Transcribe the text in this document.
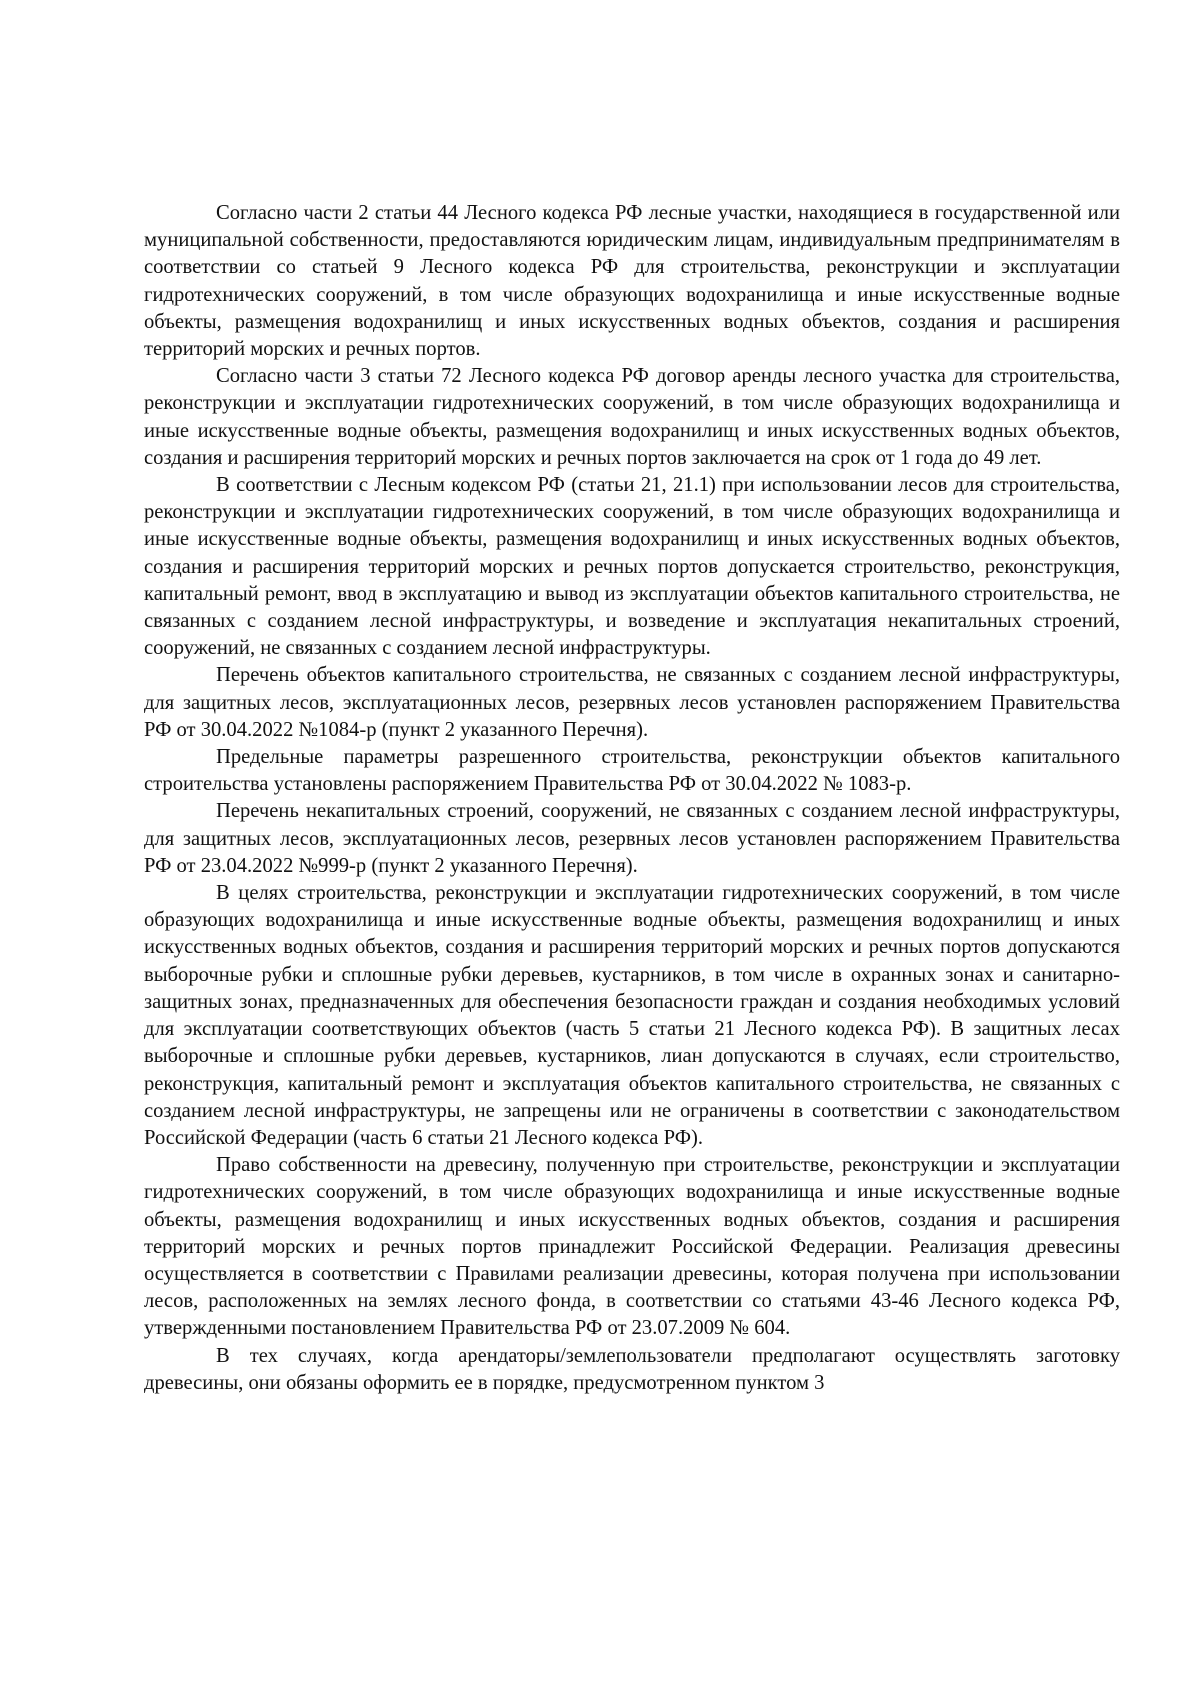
Согласно части 2 статьи 44 Лесного кодекса РФ лесные участки, находящиеся в государственной или муниципальной собственности, предоставляются юридическим лицам, индивидуальным предпринимателям в соответствии со статьей 9 Лесного кодекса РФ для строительства, реконструкции и эксплуатации гидротехнических сооружений, в том числе образующих водохранилища и иные искусственные водные объекты, размещения водохранилищ и иных искусственных водных объектов, создания и расширения территорий морских и речных портов.

Согласно части 3 статьи 72 Лесного кодекса РФ договор аренды лесного участка для строительства, реконструкции и эксплуатации гидротехнических сооружений, в том числе образующих водохранилища и иные искусственные водные объекты, размещения водохранилищ и иных искусственных водных объектов, создания и расширения территорий морских и речных портов заключается на срок от 1 года до 49 лет.

В соответствии с Лесным кодексом РФ (статьи 21, 21.1) при использовании лесов для строительства, реконструкции и эксплуатации гидротехнических сооружений, в том числе образующих водохранилища и иные искусственные водные объекты, размещения водохранилищ и иных искусственных водных объектов, создания и расширения территорий морских и речных портов допускается строительство, реконструкция, капитальный ремонт, ввод в эксплуатацию и вывод из эксплуатации объектов капитального строительства, не связанных с созданием лесной инфраструктуры, и возведение и эксплуатация некапитальных строений, сооружений, не связанных с созданием лесной инфраструктуры.

Перечень объектов капитального строительства, не связанных с созданием лесной инфраструктуры, для защитных лесов, эксплуатационных лесов, резервных лесов установлен распоряжением Правительства РФ от 30.04.2022 №1084-р (пункт 2 указанного Перечня).

Предельные параметры разрешенного строительства, реконструкции объектов капитального строительства установлены распоряжением Правительства РФ от 30.04.2022 № 1083-р.

Перечень некапитальных строений, сооружений, не связанных с созданием лесной инфраструктуры, для защитных лесов, эксплуатационных лесов, резервных лесов установлен распоряжением Правительства РФ от 23.04.2022 №999-р (пункт 2 указанного Перечня).

В целях строительства, реконструкции и эксплуатации гидротехнических сооружений, в том числе образующих водохранилища и иные искусственные водные объекты, размещения водохранилищ и иных искусственных водных объектов, создания и расширения территорий морских и речных портов допускаются выборочные рубки и сплошные рубки деревьев, кустарников, в том числе в охранных зонах и санитарно-защитных зонах, предназначенных для обеспечения безопасности граждан и создания необходимых условий для эксплуатации соответствующих объектов (часть 5 статьи 21 Лесного кодекса РФ). В защитных лесах выборочные и сплошные рубки деревьев, кустарников, лиан допускаются в случаях, если строительство, реконструкция, капитальный ремонт и эксплуатация объектов капитального строительства, не связанных с созданием лесной инфраструктуры, не запрещены или не ограничены в соответствии с законодательством Российской Федерации (часть 6 статьи 21 Лесного кодекса РФ).

Право собственности на древесину, полученную при строительстве, реконструкции и эксплуатации гидротехнических сооружений, в том числе образующих водохранилища и иные искусственные водные объекты, размещения водохранилищ и иных искусственных водных объектов, создания и расширения территорий морских и речных портов принадлежит Российской Федерации. Реализация древесины осуществляется в соответствии с Правилами реализации древесины, которая получена при использовании лесов, расположенных на землях лесного фонда, в соответствии со статьями 43-46 Лесного кодекса РФ, утвержденными постановлением Правительства РФ от 23.07.2009 № 604.

В тех случаях, когда арендаторы/землепользователи предполагают осуществлять заготовку древесины, они обязаны оформить ее в порядке, предусмотренном пунктом 3
